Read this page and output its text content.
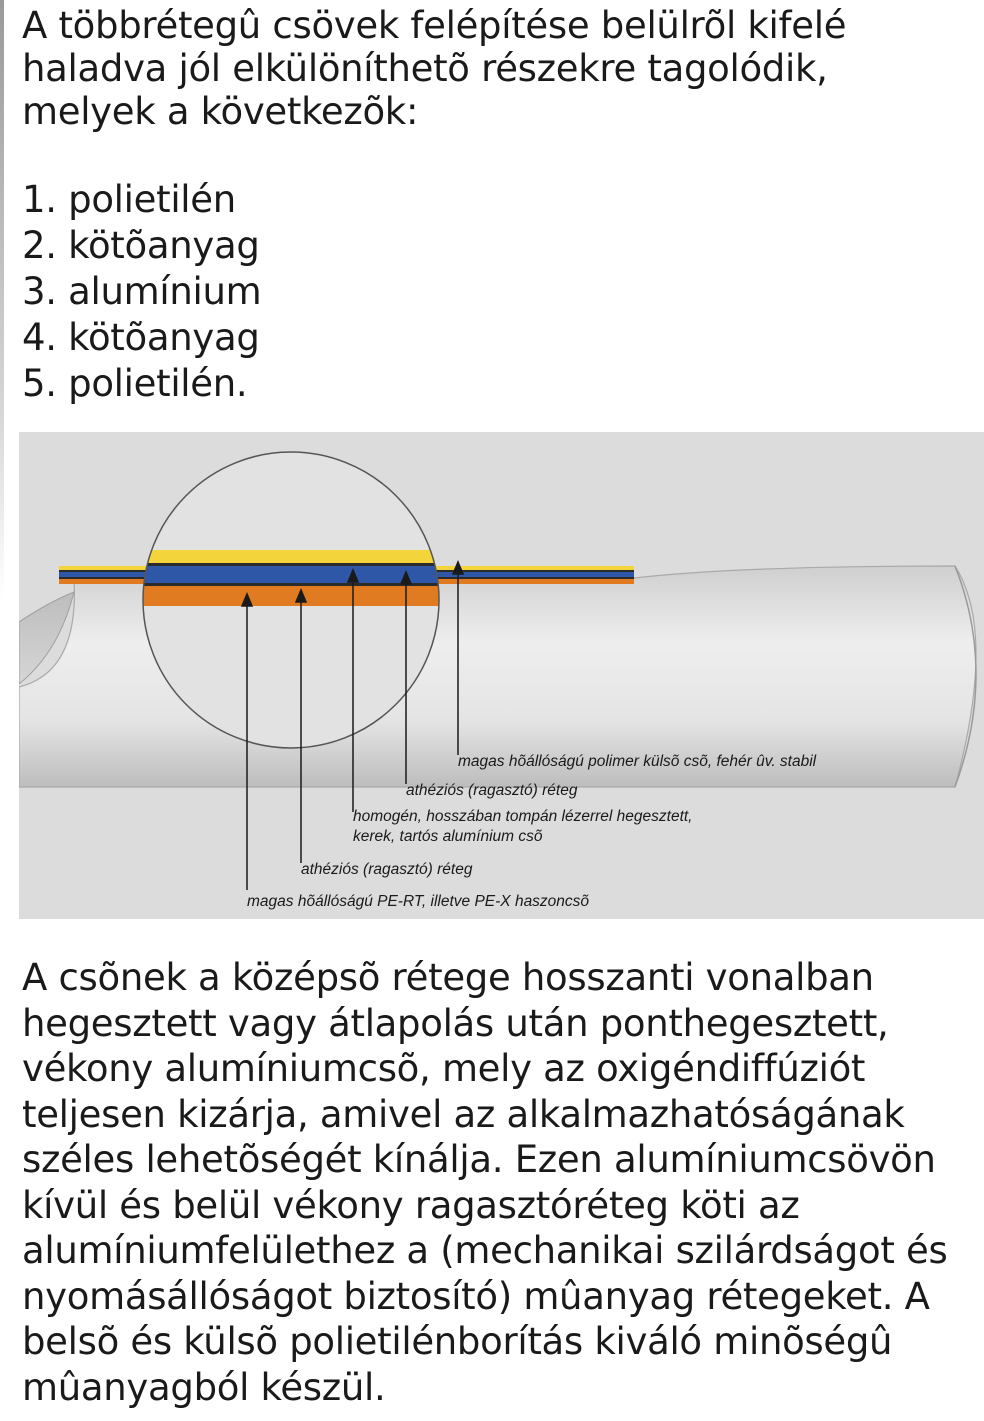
A többrétegû csövek felépítése belülrõl kifelé
haladva jól elkülöníthetõ részekre tagolódik,
melyek a következõk:
1. polietilén
2. kötõanyag
3. alumínium
4. kötõanyag
5. polietilén.
magas hõállóságú polimer külsõ csõ, fehér ûv. stabil
athéziós (ragasztó) réteg
homogén, hosszában tompán lézerrel hegesztett,
kerek, tartós alumínium csõ
athéziós (ragasztó) réteg
magas hõállóságú PE-RT, illetve PE-X haszoncsõ
A csõnek a középsõ rétege hosszanti vonalban
hegesztett vagy átlapolás után ponthegesztett,
vékony alumíniumcsõ, mely az oxigéndiffúziót
teljesen kizárja, amivel az alkalmazhatóságának
széles lehetõségét kínálja. Ezen alumíniumcsövön
kívül és belül vékony ragasztóréteg köti az
alumíniumfelülethez a (mechanikai szilárdságot és
nyomásállóságot biztosító) mûanyag rétegeket. A
belsõ és külsõ polietilénborítás kiváló minõségû
mûanyagból készül.
